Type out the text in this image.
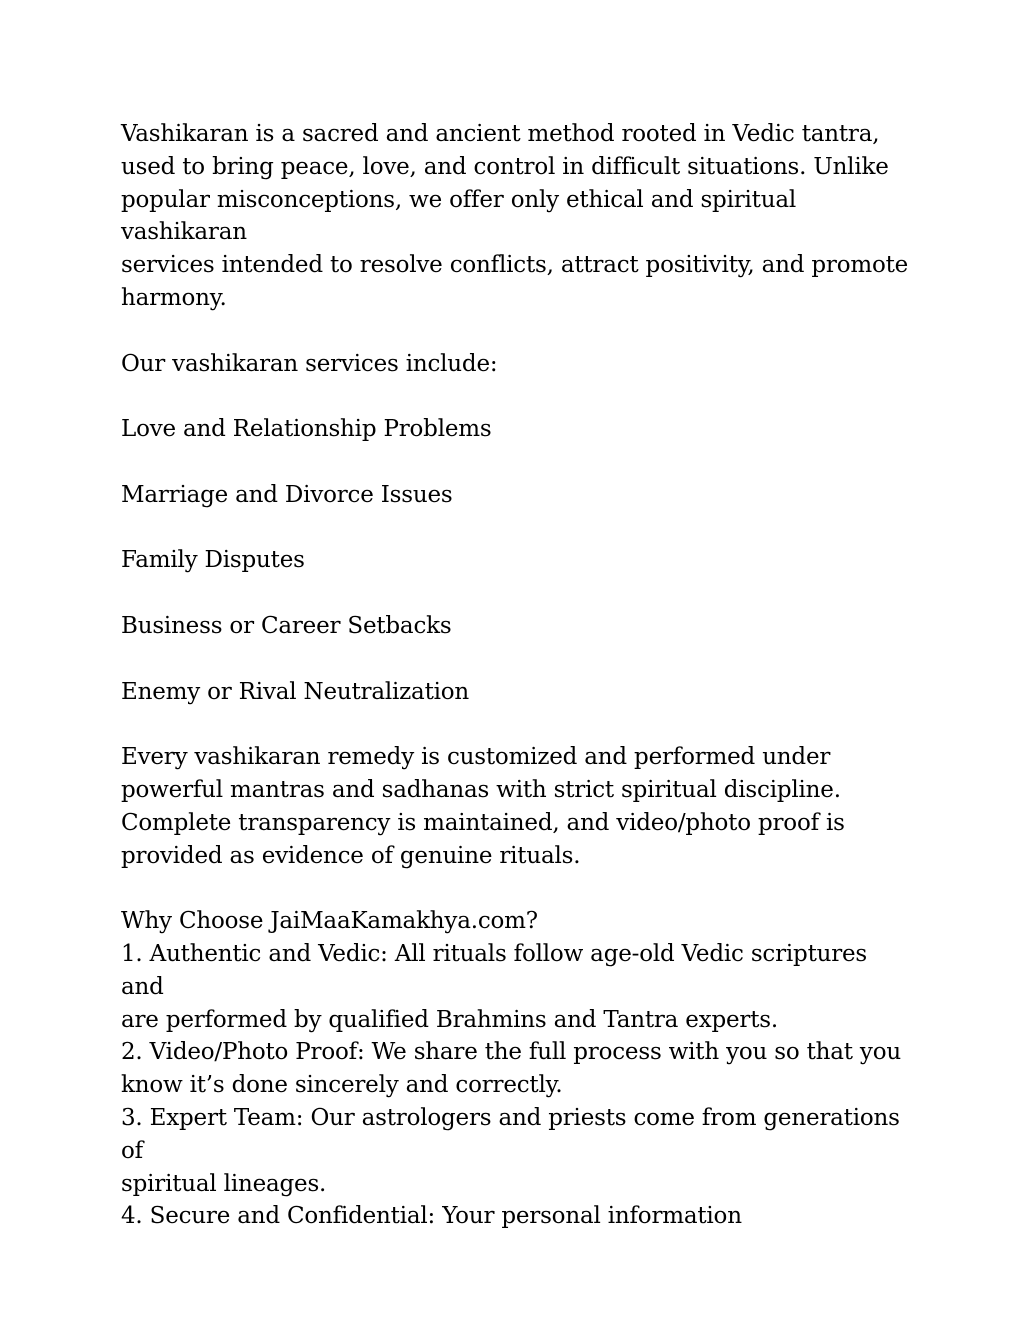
Vashikaran is a sacred and ancient method rooted in Vedic tantra,
used to bring peace, love, and control in difficult situations. Unlike
popular misconceptions, we offer only ethical and spiritual vashikaran
services intended to resolve conflicts, attract positivity, and promote
harmony.

Our vashikaran services include:

Love and Relationship Problems

Marriage and Divorce Issues

Family Disputes

Business or Career Setbacks

Enemy or Rival Neutralization

Every vashikaran remedy is customized and performed under
powerful mantras and sadhanas with strict spiritual discipline.
Complete transparency is maintained, and video/photo proof is
provided as evidence of genuine rituals.

Why Choose JaiMaaKamakhya.com?

1. Authentic and Vedic: All rituals follow age-old Vedic scriptures and
are performed by qualified Brahmins and Tantra experts.

2. Video/Photo Proof: We share the full process with you so that you
know it’s done sincerely and correctly.

3. Expert Team: Our astrologers and priests come from generations of
spiritual lineages.

4. Secure and Confidential: Your personal information
